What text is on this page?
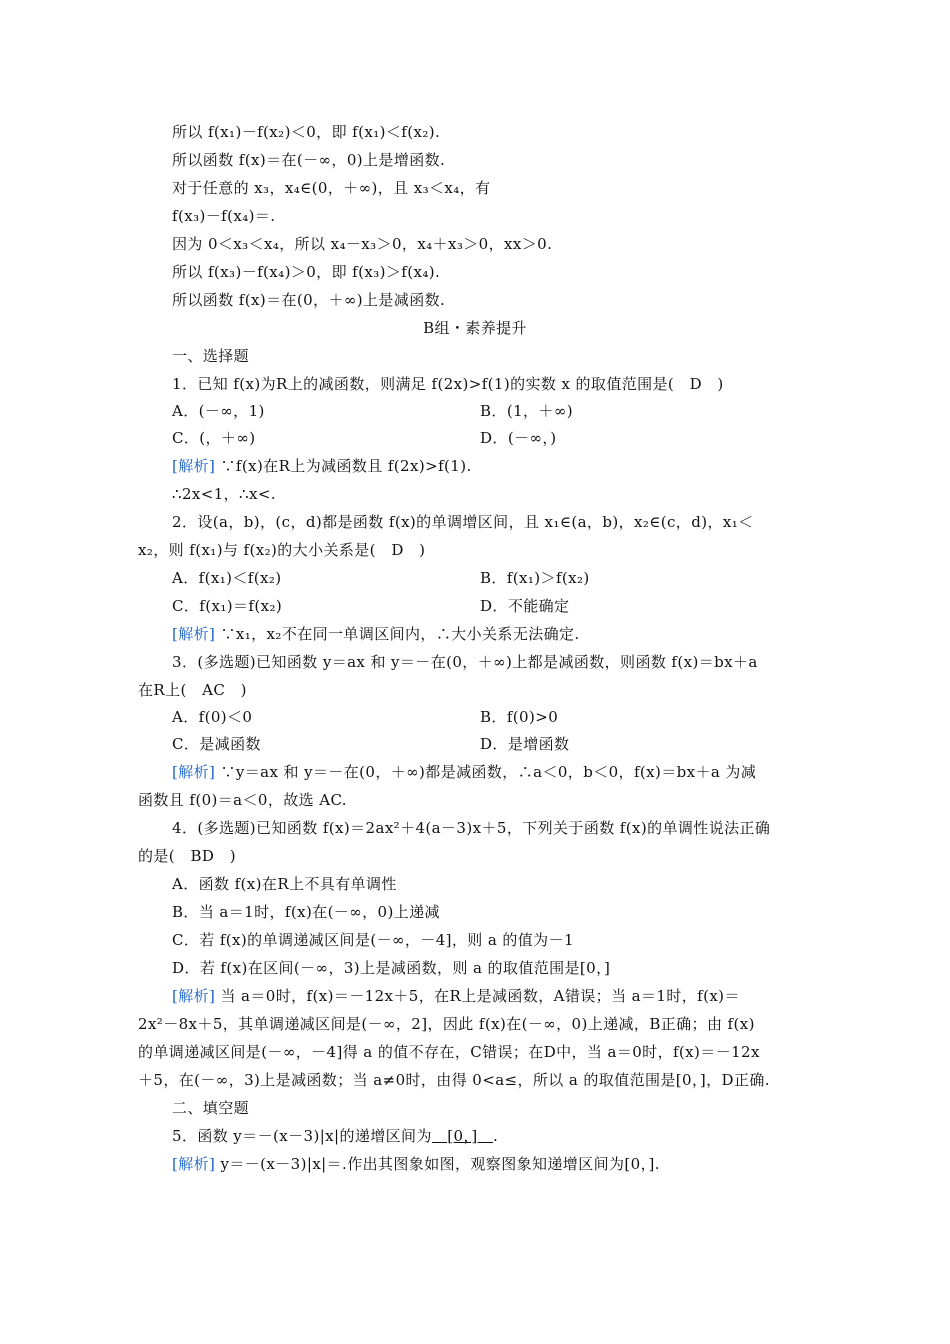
所以 f(x₁)－f(x₂)＜0，即 f(x₁)＜f(x₂).
所以函数 f(x)＝在(－∞，0)上是增函数.
对于任意的 x₃，x₄∈(0，＋∞)，且 x₃＜x₄，有
f(x₃)－f(x₄)＝.
因为 0＜x₃＜x₄，所以 x₄－x₃＞0，x₄＋x₃＞0，xx＞0.
所以 f(x₃)－f(x₄)＞0，即 f(x₃)＞f(x₄).
所以函数 f(x)＝在(0，＋∞)上是减函数.
B组・素养提升
一、选择题
1．已知 f(x)为R上的减函数，则满足 f(2x)>f(1)的实数 x 的取值范围是(　D　)
A．(－∞，1)	B．(1，＋∞)
C．(，＋∞)	D．(－∞，)
[解析] ∵f(x)在R上为减函数且 f(2x)>f(1).
∴2x<1，∴x<.
2．设(a，b)，(c，d)都是函数 f(x)的单调增区间，且 x₁∈(a，b)，x₂∈(c，d)，x₁＜
x₂，则 f(x₁)与 f(x₂)的大小关系是(　D　)
A．f(x₁)＜f(x₂)	B．f(x₁)＞f(x₂)
C．f(x₁)＝f(x₂)	D．不能确定
[解析] ∵x₁，x₂不在同一单调区间内，∴大小关系无法确定.
3．(多选题)已知函数 y＝ax 和 y＝－在(0，＋∞)上都是减函数，则函数 f(x)＝bx＋a
在R上(　AC　)
A．f(0)＜0	B．f(0)>0
C．是减函数	D．是增函数
[解析] ∵y＝ax 和 y＝－在(0，＋∞)都是减函数，∴a＜0，b＜0，f(x)＝bx＋a 为减
函数且 f(0)＝a＜0，故选 AC.
4．(多选题)已知函数 f(x)＝2ax²＋4(a－3)x＋5，下列关于函数 f(x)的单调性说法正确
的是(　BD　)
A．函数 f(x)在R上不具有单调性
B．当 a＝1时，f(x)在(－∞，0)上递减
C．若 f(x)的单调递减区间是(－∞，－4]，则 a 的值为－1
D．若 f(x)在区间(－∞，3)上是减函数，则 a 的取值范围是[0，]
[解析] 当 a＝0时，f(x)＝－12x＋5，在R上是减函数，A错误；当 a＝1时，f(x)＝
2x²－8x＋5，其单调递减区间是(－∞，2]，因此 f(x)在(－∞，0)上递减，B正确；由 f(x)
的单调递减区间是(－∞，－4]得 a 的值不存在，C错误；在D中，当 a＝0时，f(x)＝－12x
＋5，在(－∞，3)上是减函数；当 a≠0时，由得 0<a≤，所以 a 的取值范围是[0，]，D正确.
二、填空题
5．函数 y＝－(x－3)|x|的递增区间为　[0，]　.
[解析] y＝－(x－3)|x|＝.作出其图象如图，观察图象知递增区间为[0，].
